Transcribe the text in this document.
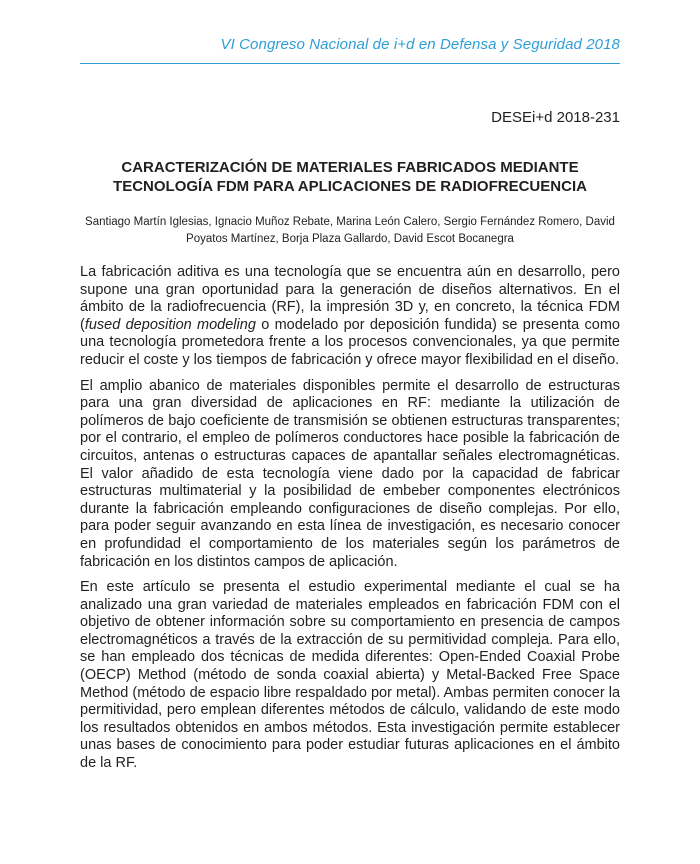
VI Congreso Nacional de i+d en Defensa y Seguridad 2018
DESEi+d 2018-231
CARACTERIZACIÓN DE MATERIALES FABRICADOS MEDIANTE
TECNOLOGÍA FDM PARA APLICACIONES DE RADIOFRECUENCIA
Santiago Martín Iglesias, Ignacio Muñoz Rebate, Marina León Calero, Sergio Fernández Romero, David Poyatos Martínez, Borja Plaza Gallardo, David Escot Bocanegra

La fabricación aditiva es una tecnología que se encuentra aún en desarrollo, pero supone una gran oportunidad para la generación de diseños alternativos. En el ámbito de la radiofrecuencia (RF), la impresión 3D y, en concreto, la técnica FDM (fused deposition modeling o modelado por deposición fundida) se presenta como una tecnología prometedora frente a los procesos convencionales, ya que permite reducir el coste y los tiempos de fabricación y ofrece mayor flexibilidad en el diseño.

El amplio abanico de materiales disponibles permite el desarrollo de estructuras para una gran diversidad de aplicaciones en RF: mediante la utilización de polímeros de bajo coeficiente de transmisión se obtienen estructuras transparentes; por el contrario, el empleo de polímeros conductores hace posible la fabricación de circuitos, antenas o estructuras capaces de apantallar señales electromagnéticas. El valor añadido de esta tecnología viene dado por la capacidad de fabricar estructuras multimaterial y la posibilidad de embeber componentes electrónicos durante la fabricación empleando configuraciones de diseño complejas. Por ello, para poder seguir avanzando en esta línea de investigación, es necesario conocer en profundidad el comportamiento de los materiales según los parámetros de fabricación en los distintos campos de aplicación.

En este artículo se presenta el estudio experimental mediante el cual se ha analizado una gran variedad de materiales empleados en fabricación FDM con el objetivo de obtener información sobre su comportamiento en presencia de campos electromagnéticos a través de la extracción de su permitividad compleja. Para ello, se han empleado dos técnicas de medida diferentes: Open-Ended Coaxial Probe (OECP) Method (método de sonda coaxial abierta) y Metal-Backed Free Space Method (método de espacio libre respaldado por metal). Ambas permiten conocer la permitividad, pero emplean diferentes métodos de cálculo, validando de este modo los resultados obtenidos en ambos métodos. Esta investigación permite establecer unas bases de conocimiento para poder estudiar futuras aplicaciones en el ámbito de la RF.
